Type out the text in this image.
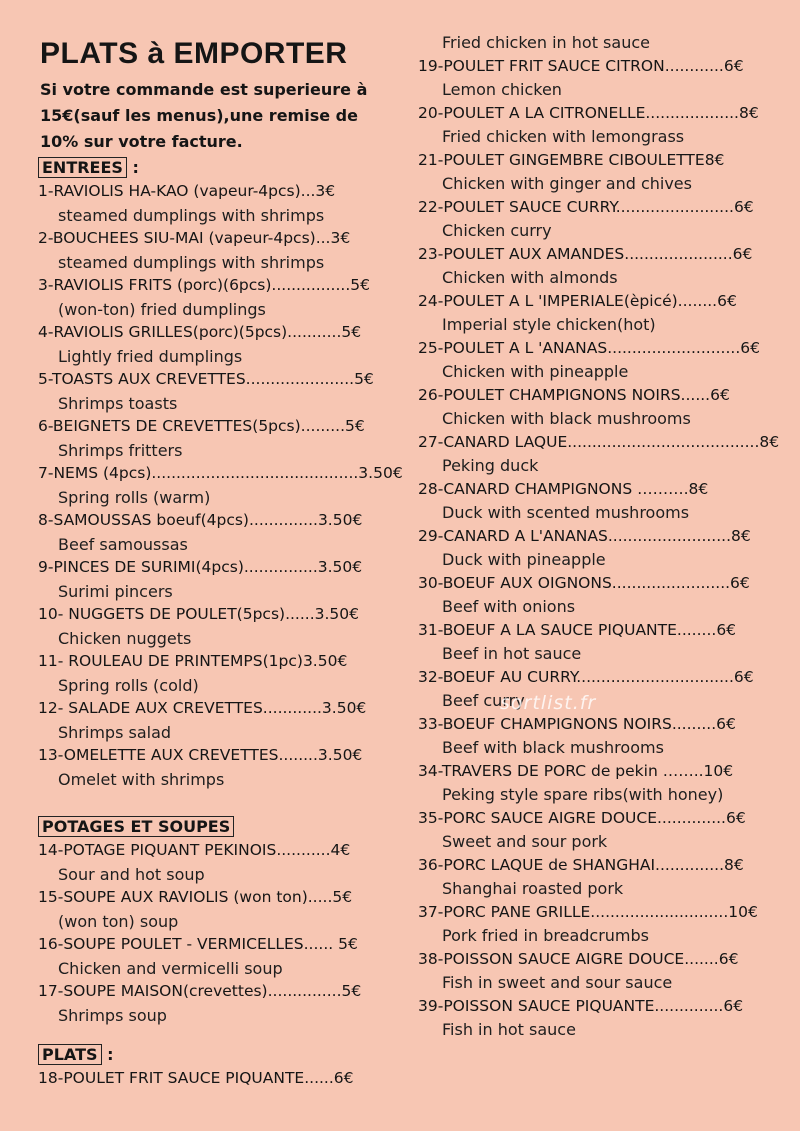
PLATS à EMPORTER
Si votre commande est superieure à
15€(sauf les menus),une remise de
10% sur votre facture.
ENTREES :
1-RAVIOLIS HA-KAO (vapeur-4pcs)...3€
steamed dumplings with shrimps
2-BOUCHEES SIU-MAI (vapeur-4pcs)...3€
steamed dumplings with shrimps
3-RAVIOLIS FRITS (porc)(6pcs)................5€
(won-ton) fried dumplings
4-RAVIOLIS GRILLES(porc)(5pcs)...........5€
Lightly fried dumplings
5-TOASTS AUX CREVETTES......................5€
Shrimps toasts
6-BEIGNETS DE CREVETTES(5pcs).........5€
Shrimps fritters
7-NEMS (4pcs)..........................................3.50€
Spring rolls (warm)
8-SAMOUSSAS boeuf(4pcs)..............3.50€
Beef samoussas
9-PINCES DE SURIMI(4pcs)...............3.50€
Surimi pincers
10- NUGGETS DE POULET(5pcs)......3.50€
Chicken nuggets
11- ROULEAU DE PRINTEMPS(1pc)3.50€
Spring rolls (cold)
12- SALADE AUX CREVETTES............3.50€
Shrimps salad
13-OMELETTE AUX CREVETTES........3.50€
Omelet with shrimps
POTAGES ET SOUPES
14-POTAGE PIQUANT PEKINOIS...........4€
Sour and hot soup
15-SOUPE AUX RAVIOLIS (won ton).....5€
(won ton) soup
16-SOUPE POULET - VERMICELLES...... 5€
Chicken and vermicelli soup
17-SOUPE MAISON(crevettes)...............5€
Shrimps soup
PLATS :
18-POULET FRIT SAUCE PIQUANTE......6€
Fried chicken in hot sauce
19-POULET FRIT SAUCE CITRON............6€
Lemon chicken
20-POULET A LA CITRONELLE...................8€
Fried chicken with lemongrass
21-POULET GINGEMBRE CIBOULETTE8€
Chicken with ginger and chives
22-POULET SAUCE CURRY........................6€
Chicken curry
23-POULET AUX AMANDES......................6€
Chicken with almonds
24-POULET A L 'IMPERIALE(èpicé)........6€
Imperial style chicken(hot)
25-POULET A L 'ANANAS...........................6€
Chicken with pineapple
26-POULET CHAMPIGNONS NOIRS......6€
Chicken with black mushrooms
27-CANARD LAQUE.......................................8€
Peking duck
28-CANARD CHAMPIGNONS ……….8€
Duck with scented mushrooms
29-CANARD A L'ANANAS.........................8€
Duck with pineapple
30-BOEUF AUX OIGNONS........................6€
Beef with onions
31-BOEUF A LA SAUCE PIQUANTE........6€
Beef in hot sauce
32-BOEUF AU CURRY................................6€
Beef curry
33-BOEUF CHAMPIGNONS NOIRS.........6€
Beef with black mushrooms
34-TRAVERS DE PORC de pekin ……..10€
Peking style spare ribs(with honey)
35-PORC SAUCE AIGRE DOUCE..............6€
Sweet and sour pork
36-PORC LAQUE de SHANGHAI..............8€
Shanghai roasted pork
37-PORC PANE GRILLE............................10€
Pork fried in breadcrumbs
38-POISSON SAUCE AIGRE DOUCE.......6€
Fish in sweet and sour sauce
39-POISSON SAUCE PIQUANTE..............6€
Fish in hot sauce
sortlist.fr
